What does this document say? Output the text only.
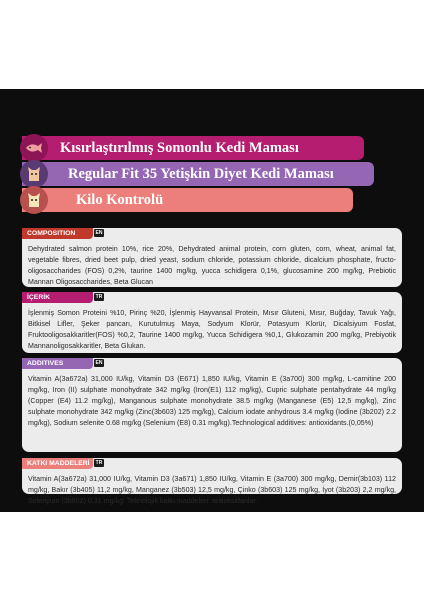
Kısırlaştırılmış Somonlu Kedi Maması
Regular Fit 35 Yetişkin Diyet Kedi Maması
Kilo Kontrolü
COMPOSITION	EN
Dehydrated salmon protein 10%, rice 20%, Dehydrated animal protein, corn gluten, corn, wheat, animal fat, vegetable fibres, dried beet pulp, dried yeast, sodium chloride, potassium chloride, dicalcium phosphate, fructo-oligosaccharides (FOS) 0,2%, taurine 1400 mg/kg, yucca schidigera 0,1%, glucosamine 200 mg/kg, Prebiotic Mannan Oligosaccharides, Beta Glucan
İÇERİK	TR
İşlenmiş Somon Proteini %10, Pirinç %20, İşlenmiş Hayvansal Protein, Mısır Gluteni, Mısır, Buğday, Tavuk Yağı, Bitkisel Lifler, Şeker pancarı, Kurutulmuş Maya, Sodyum Klorür, Potasyum Klorür, Dicalsiyum Fosfat, Fruktooligosakkaritler(FOS) %0,2, Taurine 1400 mg/kg, Yucca Schidigera %0,1, Glukozamin 200 mg/kg, Prebiyotik Mannanoligosakkaritler, Beta Glukan.
ADDITIVES	EN
Vitamin A(3a672a) 31,000 IU/kg, Vitamin D3 (E671) 1,850 IU/kg, Vitamin E (3a700) 300 mg/kg, L-carnitine 200 mg/kg, Iron (II) sulphate monohydrate 342 mg/kg (Iron(E1) 112 mg/kg), Cupric sulphate pentahydrate 44 mg/kg (Copper (E4) 11.2 mg/kg), Manganous sulphate monohydrate 38.5 mg/kg (Manganese (E5) 12,5 mg/kg), Zinc sulphate monohydrate 342 mg/kg (Zinc(3b603) 125 mg/kg), Calcium iodate anhydrous 3.4 mg/kg (Iodine (3b202) 2.2 mg/kg), Sodium selenite 0.68 mg/kg (Selenium (E8) 0.31 mg/kg).Technological additives: antioxidants.(0,05%)
KATKI MADDELERİ	TR
Vitamin A(3a672a) 31,000 IU/kg, Vitamin D3 (3a671) 1,850 IU/kg, Vitamin E (3a700) 300 mg/kg, Demir(3b103) 112 mg/kg, Bakır (3b405) 11,2 mg/kg, Manganez (3b503) 12,5 mg/kg, Çinko (3b603) 125 mg/kg, İyot (3b203) 2,2 mg/kg, Selenyum (3b802) 0,31 mg/kg. Teknolojik katkı maddeleri: antioksidanlar.
